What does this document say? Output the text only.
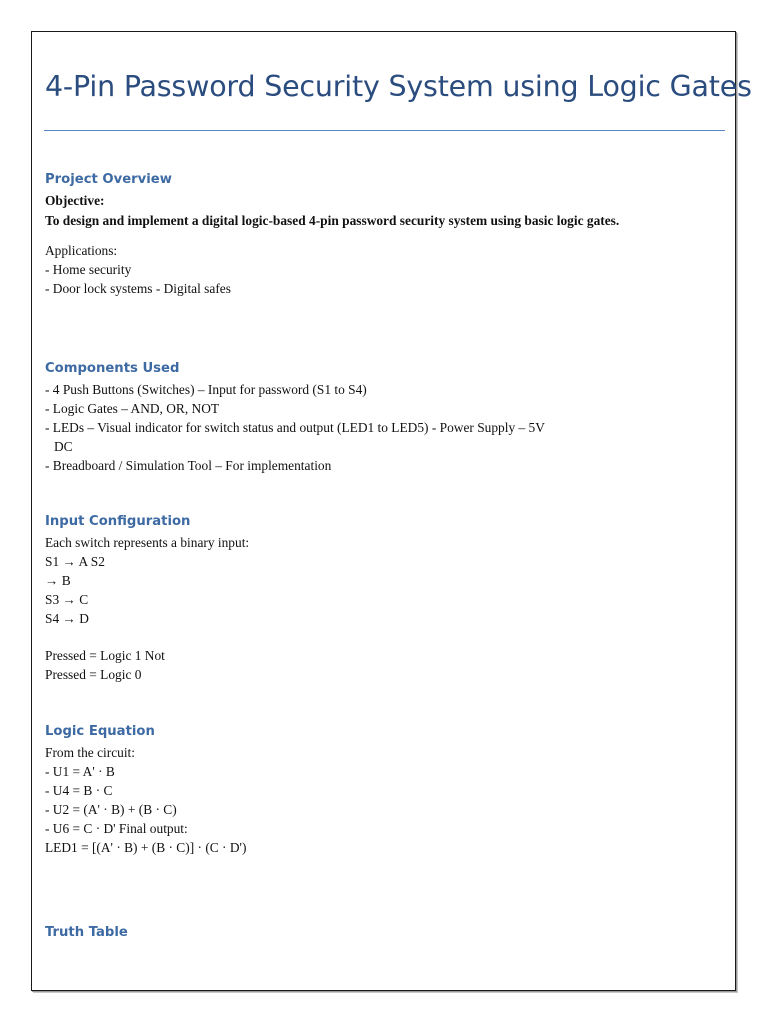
4-Pin Password Security System using Logic Gates
Project Overview

Objective:

To design and implement a digital logic-based 4-pin password security system using basic logic gates.

Applications:

- Home security

- Door lock systems - Digital safes

Components Used

- 4 Push Buttons (Switches) – Input for password (S1 to S4)

- Logic Gates – AND, OR, NOT

- LEDs – Visual indicator for switch status and output (LED1 to LED5) - Power Supply – 5V

DC

- Breadboard / Simulation Tool – For implementation

Input Configuration

Each switch represents a binary input:

S1 → A S2

→ B

S3 → C

S4 → D

Pressed = Logic 1 Not

Pressed = Logic 0

Logic Equation

From the circuit:

- U1 = A' · B

- U4 = B · C

- U2 = (A' · B) + (B · C)

- U6 = C · D' Final output:

LED1 = [(A' · B) + (B · C)] · (C · D')

Truth Table
